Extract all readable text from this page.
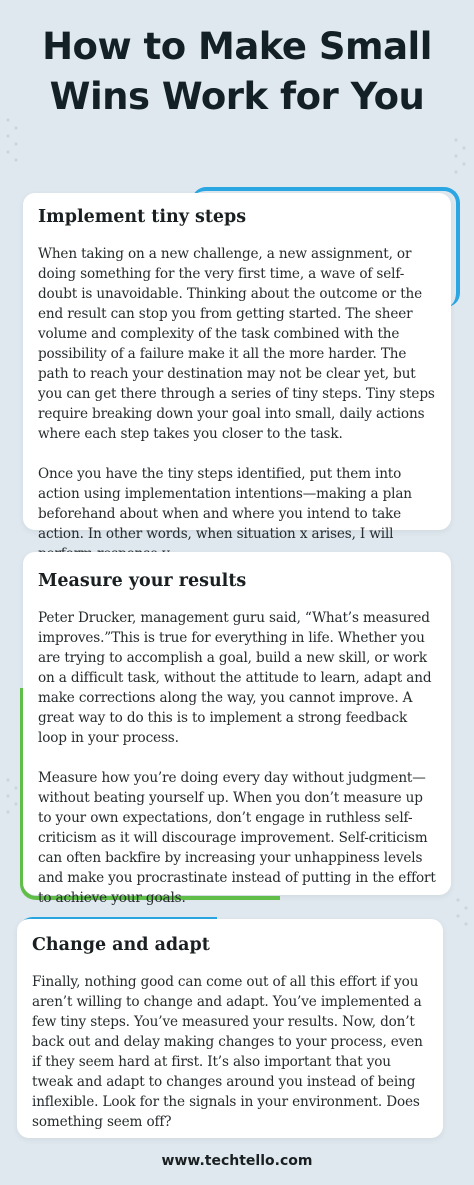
How to Make Small
Wins Work for You
Implement tiny steps

When taking on a new challenge, a new assignment, or doing something for the very first time, a wave of self-doubt is unavoidable. Thinking about the outcome or the end result can stop you from getting started. The sheer volume and complexity of the task combined with the possibility of a failure make it all the more harder. The path to reach your destination may not be clear yet, but you can get there through a series of tiny steps. Tiny steps require breaking down your goal into small, daily actions where each step takes you closer to the task.

Once you have the tiny steps identified, put them into action using implementation intentions—making a plan beforehand about when and where you intend to take action. In other words, when situation x arises, I will

Measure your results

Peter Drucker, management guru said, “What’s measured improves.”This is true for everything in life. Whether you are trying to accomplish a goal, build a new skill, or work on a difficult task, without the attitude to learn, adapt and make corrections along the way, you cannot improve. A great way to do this is to implement a strong feedback loop in your process.

Measure how you’re doing every day without judgment—without beating yourself up. When you don’t measure up to your own expectations, don’t engage in ruthless self-criticism as it will discourage improvement. Self-criticism can often backfire by increasing your unhappiness levels and make you procrastinate instead of putting in the effort to achieve your goals.

Change and adapt

Finally, nothing good can come out of all this effort if you aren’t willing to change and adapt. You’ve implemented a few tiny steps. You’ve measured your results. Now, don’t back out and delay making changes to your process, even if they seem hard at first. It’s also important that you tweak and adapt to changes around you instead of being inflexible. Look for the signals in your environment. Does something seem off?

www.techtello.com
